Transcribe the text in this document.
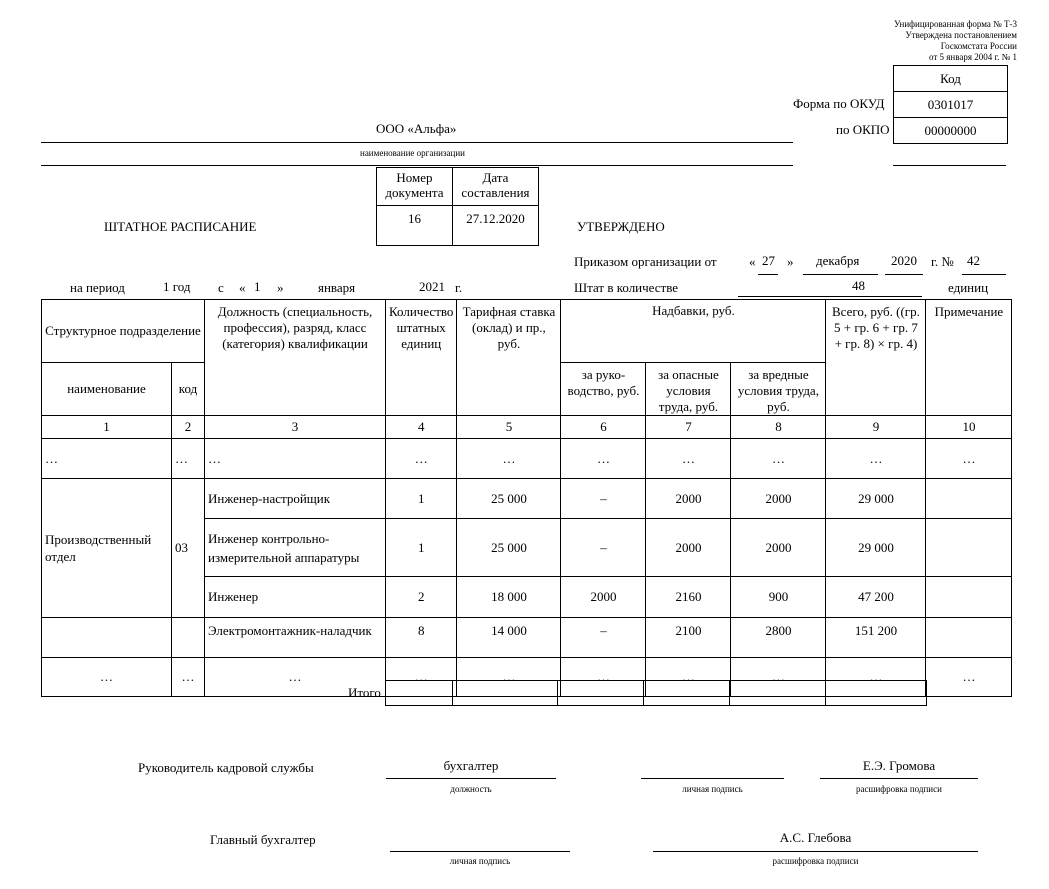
Унифицированная форма № Т-3
Утверждена постановлением
Госкомстата России
от 5 января 2004 г. № 1
Код
0301017
00000000
Форма по ОКУД
по ОКПО
ООО «Альфа»
наименование организации
ШТАТНОЕ РАСПИСАНИЕ
Номер документа	Дата составления
16	27.12.2020
УТВЕРЖДЕНО
Приказом организации от « 27 » декабря 2020 г. № 42
на период	1 год с « 1 »	января	2021 г.	Штат в количестве	48	единиц
Структурное подразделение		Должность (специальность, профессия), разряд, класс (категория) квалификации	Количество штатных единиц	Тарифная ставка (оклад) и пр., руб.	Надбавки, руб.			Всего, руб. ((гр. 5 + гр. 6 + гр. 7 + гр. 8) × гр. 4)	Примечание
наименование	код				за руко-водство, руб.	за опасные условия труда, руб.	за вредные условия труда, руб.		
1	2	3	4	5	6	7	8	9	10
…	…	…	…	…	…	…	…	…	…
Производственный отдел	03	Инженер-настройщик	1	25 000	–	2000	2000	29 000	
		Инженер контрольно-измерительной аппаратуры	1	25 000	–	2000	2000	29 000	
		Инженер	2	18 000	2000	2160	900	47 200	
		Электромонтажник-наладчик	8	14 000	–	2100	2800	151 200	
…	…	…	…	…	…	…	…	…	…
Итого

Руководитель кадровой службы	бухгалтер
должность	личная подпись
Е.Э. Громова
расшифровка подписи
Главный бухгалтер
личная подпись
А.С. Глебова
расшифровка подписи
